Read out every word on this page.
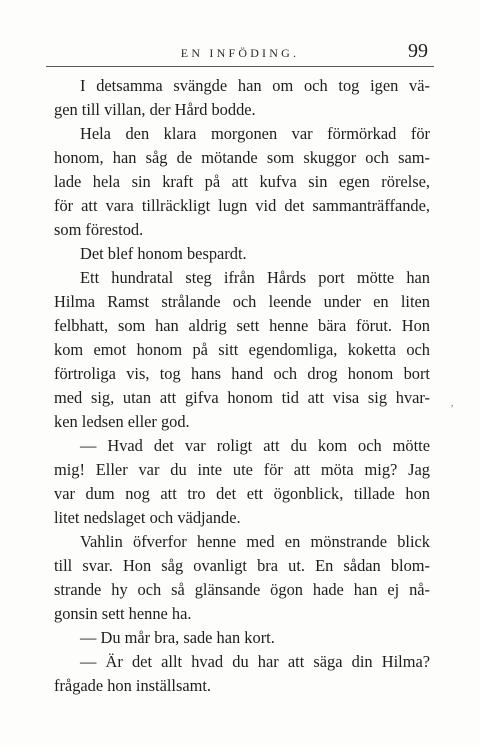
EN INFÖDING.	99
I detsamma svängde han om och tog igen vä-
gen till villan, der Hård bodde.
Hela den klara morgonen var förmörkad för
honom, han såg de mötande som skuggor och sam-
lade hela sin kraft på att kufva sin egen rörelse,
för att vara tillräckligt lugn vid det sammanträffande,
som förestod.
Det blef honom bespardt.
Ett hundratal steg ifrån Hårds port mötte han
Hilma Ramst strålande och leende under en liten
felbhatt, som han aldrig sett henne bära förut. Hon
kom emot honom på sitt egendomliga, koketta och
förtroliga vis, tog hans hand och drog honom bort
med sig, utan att gifva honom tid att visa sig hvar-
ken ledsen eller god.
— Hvad det var roligt att du kom och mötte
mig! Eller var du inte ute för att möta mig? Jag
var dum nog att tro det ett ögonblick, tillade hon
litet nedslaget och vädjande.
Vahlin öfverfor henne med en mönstrande blick
till svar. Hon såg ovanligt bra ut. En sådan blom-
strande hy och så glänsande ögon hade han ej nå-
gonsin sett henne ha.
— Du mår bra, sade han kort.
— Är det allt hvad du har att säga din Hilma?
frågade hon inställsamt.
,
